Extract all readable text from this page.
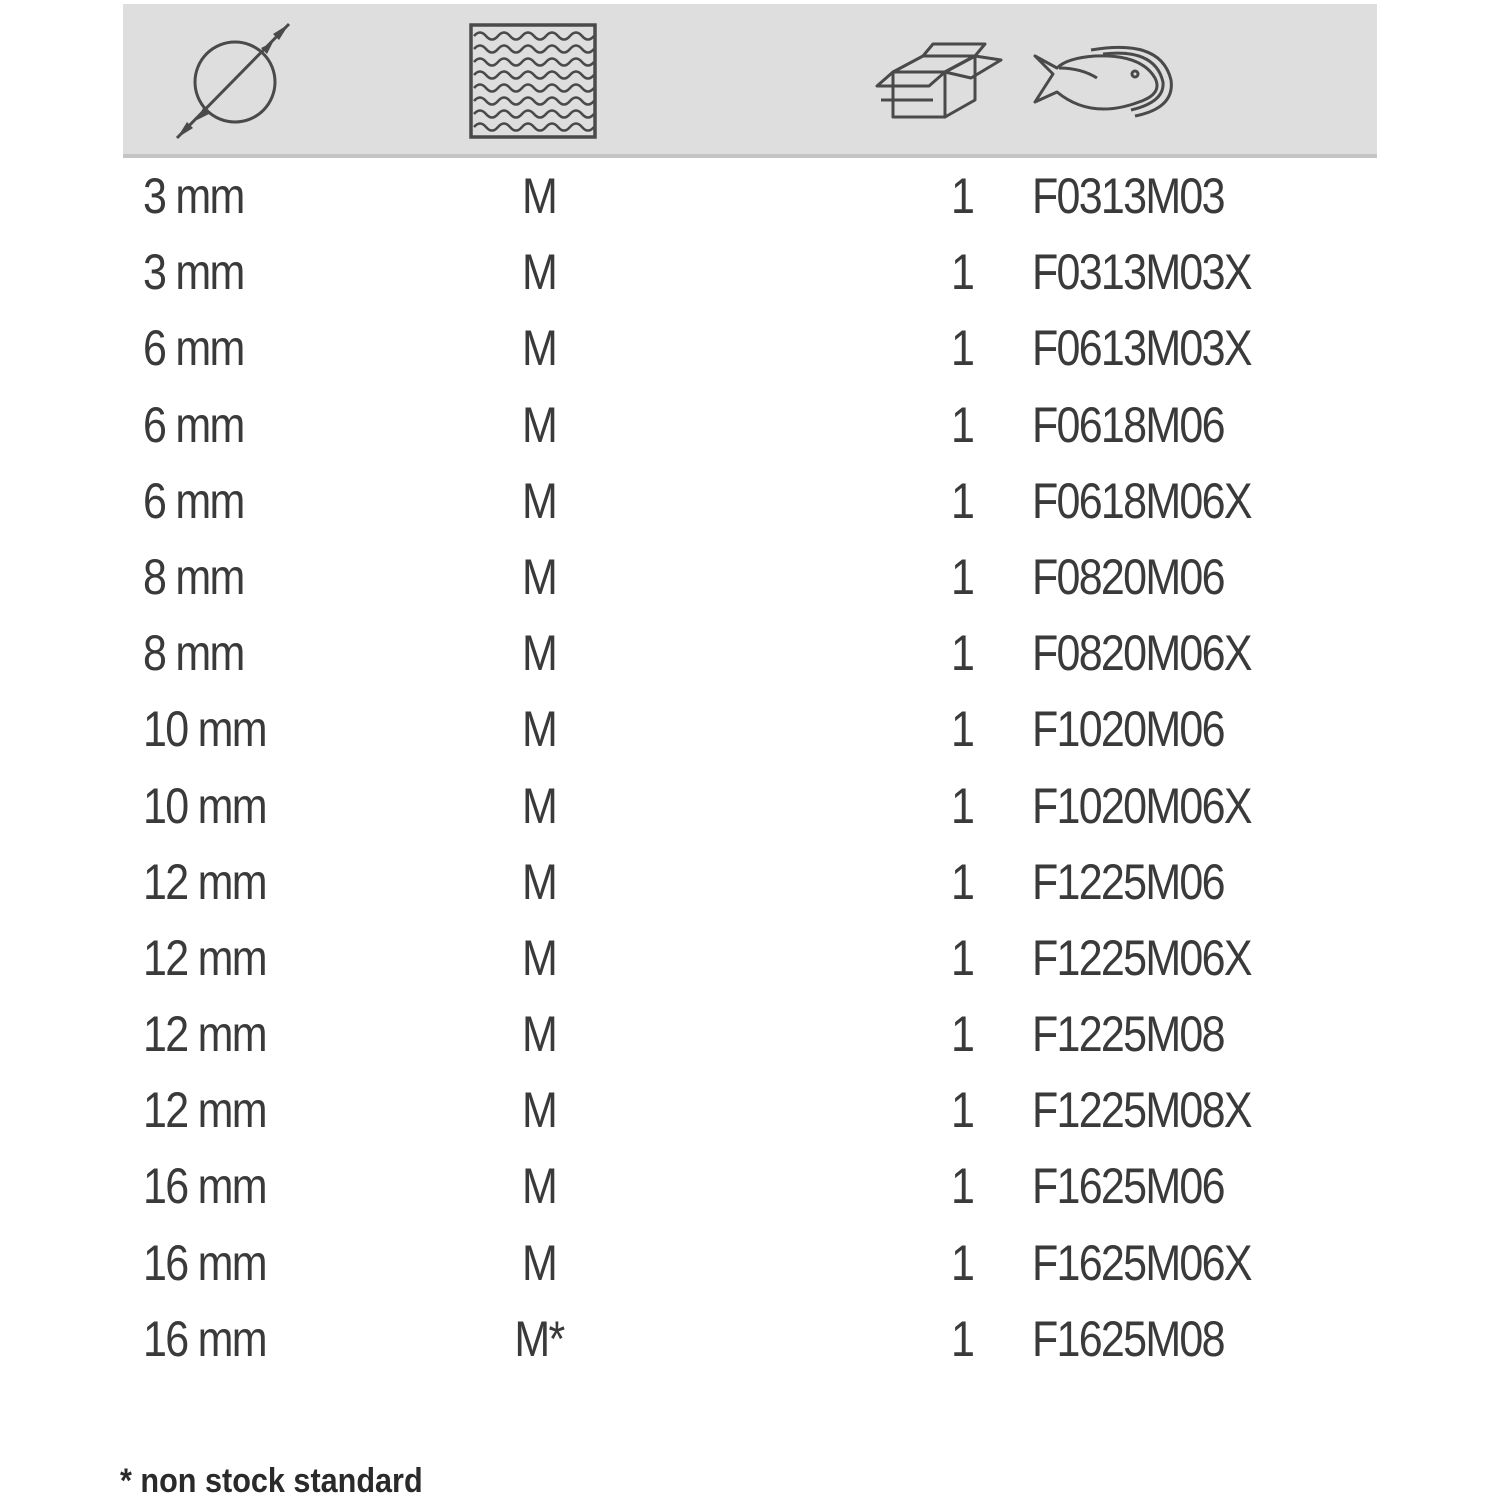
3 mm	M	1 F0313M03
3 mm	M	1 F0313M03X
6 mm	M	1 F0613M03X
6 mm	M	1 F0618M06
6 mm	M	1 F0618M06X
8 mm	M	1 F0820M06
8 mm	M	1 F0820M06X
10 mm	M	1 F1020M06
10 mm	M	1 F1020M06X
12 mm	M	1 F1225M06
12 mm	M	1 F1225M06X
12 mm	M	1 F1225M08
12 mm	M	1 F1225M08X
16 mm	M	1 F1625M06
16 mm	M	1 F1625M06X
16 mm	M*	1 F1625M08
* non stock standard
